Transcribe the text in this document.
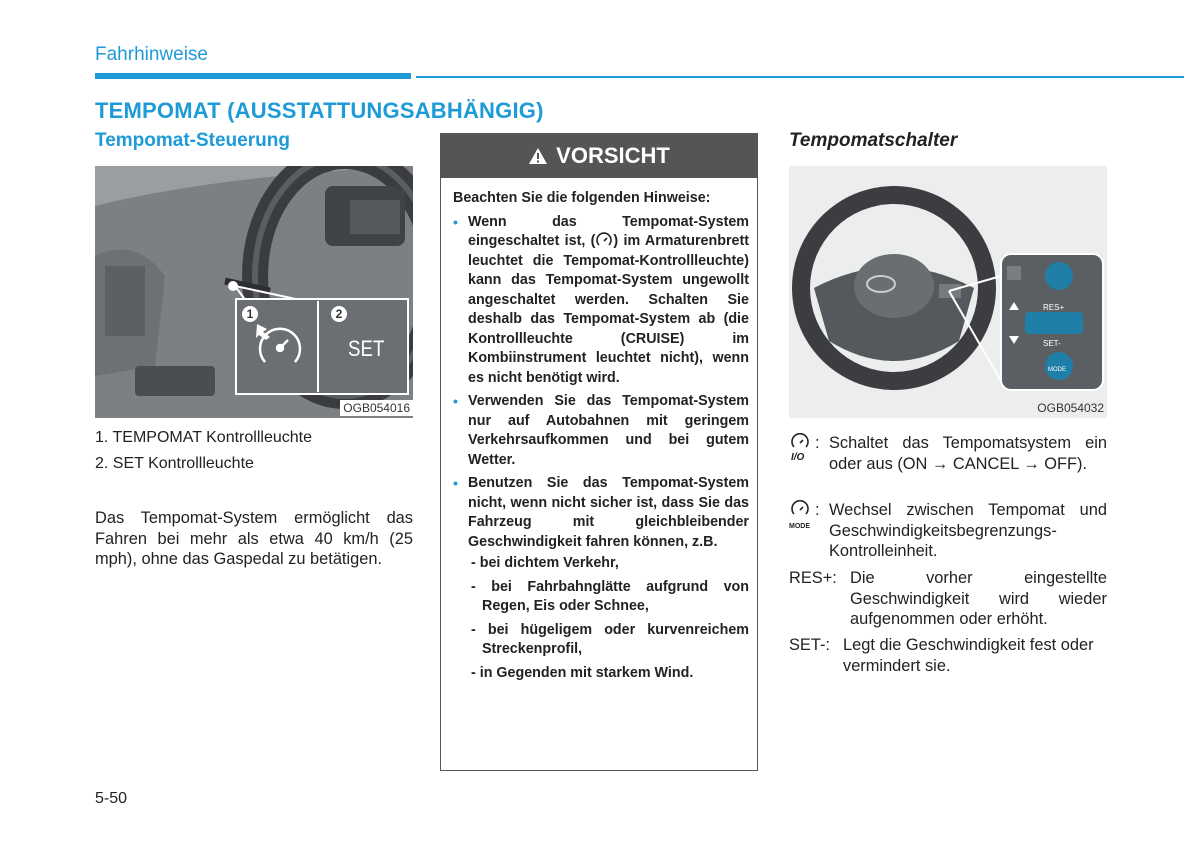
Fahrhinweise
TEMPOMAT (AUSSTATTUNGSABHÄNGIG)
Tempomat-Steuerung
1	2
SET
OGB054016
1. TEMPOMAT Kontrollleuchte
2. SET Kontrollleuchte
Das Tempomat-System ermöglicht das Fahren bei mehr als etwa 40 km/h (25 mph), ohne das Gaspedal zu betätigen.
VORSICHT

Beachten Sie die folgenden Hinweise:

• Wenn das Tempomat-System eingeschaltet ist, ( ) im Armaturenbrett leuchtet die Tempomat-Kontrollleuchte) kann das Tempomat-System ungewollt angeschaltet werden. Schalten Sie deshalb das Tempomat-System ab (die Kontrollleuchte (CRUISE) im Kombiinstrument leuchtet nicht), wenn es nicht benötigt wird.
• Verwenden Sie das Tempomat-System nur auf Autobahnen mit geringem Verkehrsaufkommen und bei gutem Wetter.
• Benutzen Sie das Tempomat-System nicht, wenn nicht sicher ist, dass Sie das Fahrzeug mit gleichbleibender Geschwindigkeit fahren können, z.B.
- bei dichtem Verkehr,
- bei Fahrbahnglätte aufgrund von Regen, Eis oder Schnee,
- bei hügeligem oder kurvenreichem Streckenprofil,
- in Gegenden mit starkem Wind.
Tempomatschalter
RES+
SET-
MODE
OGB054032
I/O
: Schaltet das Tempomatsystem ein oder aus (ON → CANCEL → OFF).
MODE
: Wechsel zwischen Tempomat und Geschwindigkeitsbegrenzungs-Kontrolleinheit.
RES+: Die vorher eingestellte Geschwindigkeit wird wieder aufgenommen oder erhöht.
SET-: Legt die Geschwindigkeit fest oder vermindert sie.
5-50
